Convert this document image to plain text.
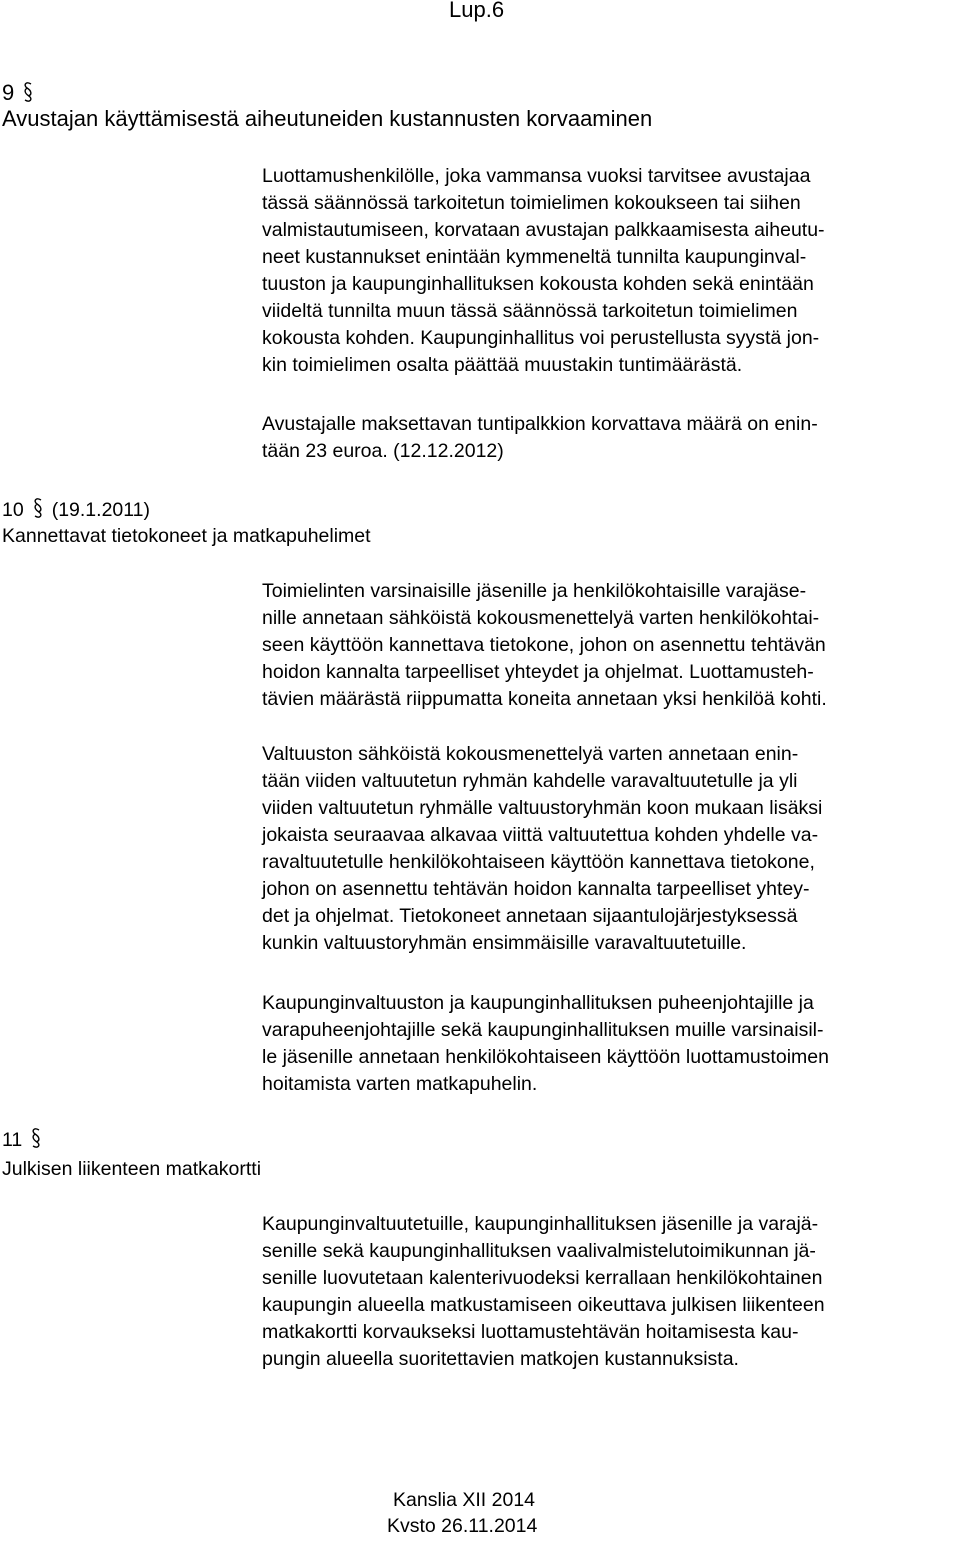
Lup.6
9
Avustajan käyttämisestä aiheutuneiden kustannusten korvaaminen
Luottamushenkilölle, joka vammansa vuoksi tarvitsee avustajaa
tässä säännössä tarkoitetun toimielimen kokoukseen tai siihen
valmistautumiseen, korvataan avustajan palkkaamisesta aiheutu-
neet kustannukset enintään kymmeneltä tunnilta kaupunginval-
tuuston ja kaupunginhallituksen kokousta kohden sekä enintään
viideltä tunnilta muun tässä säännössä tarkoitetun toimielimen
kokousta kohden. Kaupunginhallitus voi perustellusta syystä jon-
kin toimielimen osalta päättää muustakin tuntimäärästä.
Avustajalle maksettavan tuntipalkkion korvattava määrä on enin-
tään 23 euroa. (12.12.2012)
10 (19.1.2011)
Kannettavat tietokoneet ja matkapuhelimet
Toimielinten varsinaisille jäsenille ja henkilökohtaisille varajäse-
nille annetaan sähköistä kokousmenettelyä varten henkilökohtai-
seen käyttöön kannettava tietokone, johon on asennettu tehtävän
hoidon kannalta tarpeelliset yhteydet ja ohjelmat. Luottamusteh-
tävien määrästä riippumatta koneita annetaan yksi henkilöä kohti.
Valtuuston sähköistä kokousmenettelyä varten annetaan enin-
tään viiden valtuutetun ryhmän kahdelle varavaltuutetulle ja yli
viiden valtuutetun ryhmälle valtuustoryhmän koon mukaan lisäksi
jokaista seuraavaa alkavaa viittä valtuutettua kohden yhdelle va-
ravaltuutetulle henkilökohtaiseen käyttöön kannettava tietokone,
johon on asennettu tehtävän hoidon kannalta tarpeelliset yhtey-
det ja ohjelmat. Tietokoneet annetaan sijaantulojärjestyksessä
kunkin valtuustoryhmän ensimmäisille varavaltuutetuille.
Kaupunginvaltuuston ja kaupunginhallituksen puheenjohtajille ja
varapuheenjohtajille sekä kaupunginhallituksen muille varsinaisil-
le jäsenille annetaan henkilökohtaiseen käyttöön luottamustoimen
hoitamista varten matkapuhelin.
11
Julkisen liikenteen matkakortti
Kaupunginvaltuutetuille, kaupunginhallituksen jäsenille ja varajä-
senille sekä kaupunginhallituksen vaalivalmistelutoimikunnan jä-
senille luovutetaan kalenterivuodeksi kerrallaan henkilökohtainen
kaupungin alueella matkustamiseen oikeuttava julkisen liikenteen
matkakortti korvaukseksi luottamustehtävän hoitamisesta kau-
pungin alueella suoritettavien matkojen kustannuksista.
Kanslia XII 2014
Kvsto 26.11.2014
